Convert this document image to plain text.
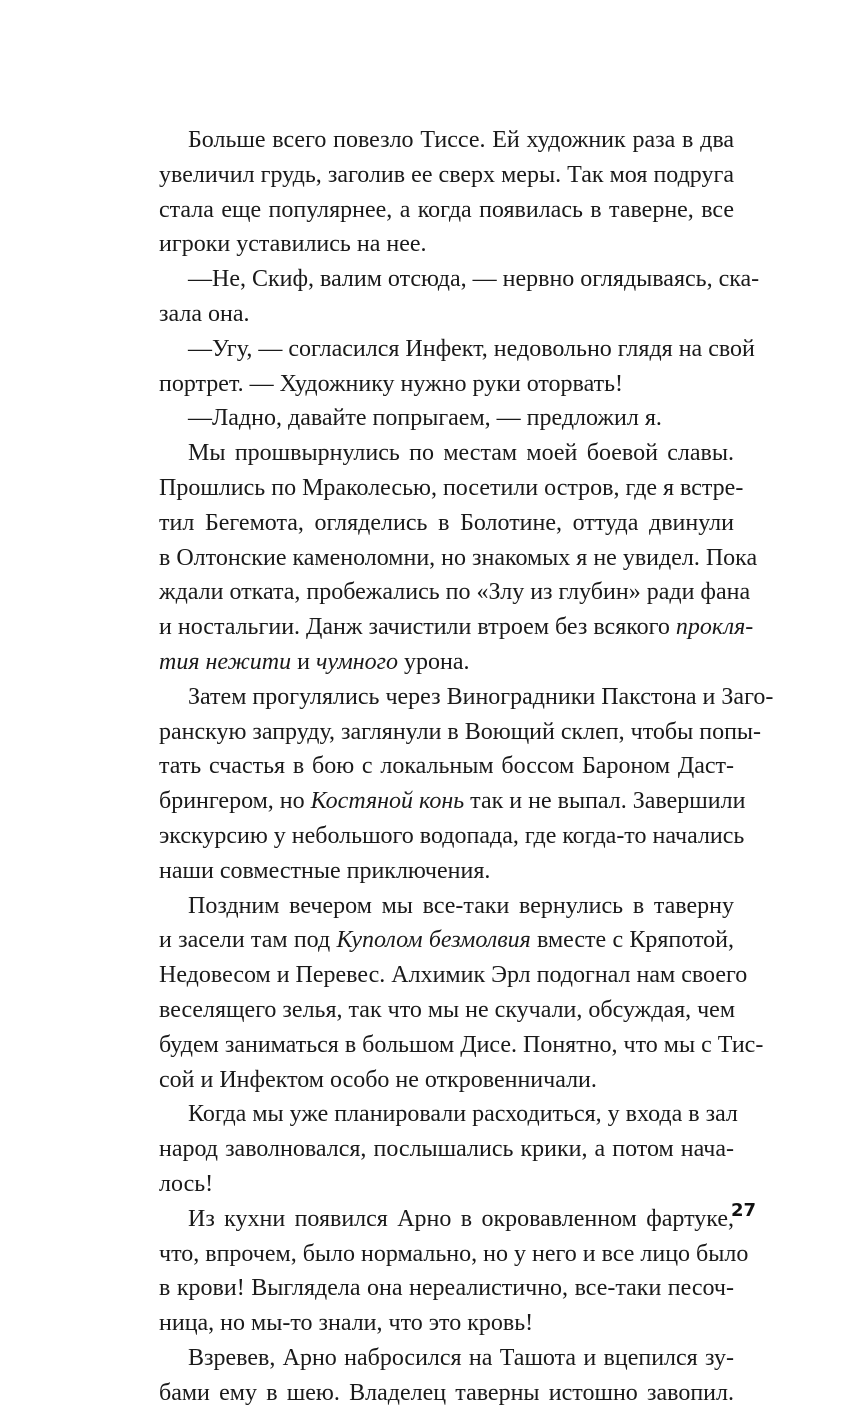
Больше всего повезло Тиссе. Ей художник раза в два
увеличил грудь, заголив ее сверх меры. Так моя подруга
стала еще популярнее, а когда появилась в таверне, все
игроки уставились на нее.
—Не, Скиф, валим отсюда, — нервно оглядываясь, ска-
зала она.
—Угу, — согласился Инфект, недовольно глядя на свой
портрет. — Художнику нужно руки оторвать!
—Ладно, давайте попрыгаем, — предложил я.
Мы прошвырнулись по местам моей боевой славы.
Прошлись по Мраколесью, посетили остров, где я встре-
тил Бегемота, огляделись в Болотине, оттуда двинули
в Олтонские каменоломни, но знакомых я не увидел. Пока
ждали отката, пробежались по «Злу из глубин» ради фана
и ностальгии. Данж зачистили втроем без всякого прокля-
тия нежити и чумного урона.
Затем прогулялись через Виноградники Пакстона и Заго-
ранскую запруду, заглянули в Воющий склеп, чтобы попы-
тать счастья в бою с локальным боссом Бароном Даст-
брингером, но Костяной конь так и не выпал. Завершили
экскурсию у небольшого водопада, где когда-то начались
наши совместные приключения.
Поздним вечером мы все-таки вернулись в таверну
и засели там под Куполом безмолвия вместе с Кряпотой,
Недовесом и Перевес. Алхимик Эрл подогнал нам своего
веселящего зелья, так что мы не скучали, обсуждая, чем
будем заниматься в большом Дисе. Понятно, что мы с Тис-
сой и Инфектом особо не откровенничали.
Когда мы уже планировали расходиться, у входа в зал
народ заволновался, послышались крики, а потом нача-
лось!
Из кухни появился Арно в окровавленном фартуке,
что, впрочем, было нормально, но у него и все лицо было
в крови! Выглядела она нереалистично, все-таки песоч-
ница, но мы-то знали, что это кровь!
Взревев, Арно набросился на Ташота и вцепился зу-
бами ему в шею. Владелец таверны истошно завопил.
27
